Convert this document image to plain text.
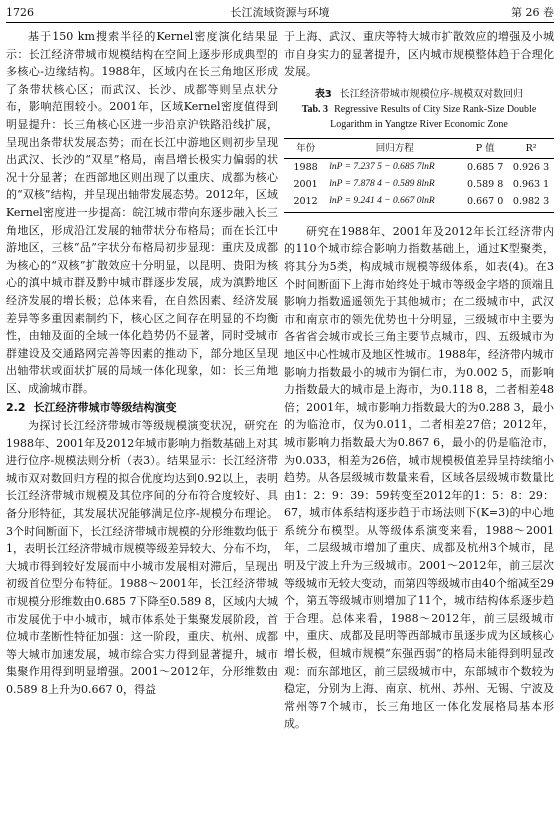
1726	长江流域资源与环境	第 26 卷

基于150 km搜索半径的Kernel密度演化结果显示：长江经济带城市规模结构在空间上逐步形成典型的多核心-边缘结构。1988年，区域内在长三角地区形成了条带状核心区；而武汉、长沙、成都等则呈点状分布，影响范围较小。2001年，区域Kernel密度值得到明显提升：长三角核心区进一步沿京沪铁路沿线扩展，呈现出条带状发展态势；而在长江中游地区则初步呈现出武汉、长沙的“双星”格局，南昌增长极实力偏弱的状况十分显著；在西部地区则出现了以重庆、成都为核心的“双核”结构，并呈现出轴带发展态势。2012年，区域Kernel密度进一步提高：皖江城市带向东逐步融入长三角地区，形成沿江发展的轴带状分布格局；而在长江中游地区，三核“品”字状分布格局初步显现：重庆及成都为核心的“双核”扩散效应十分明显，以昆明、贵阳为核心的滇中城市群及黔中城市群逐步发展，成为滇黔地区经济发展的增长极；总体来看，在自然因素、经济发展差异等多重因素制约下，核心区之间存在明显的不均衡性，由轴及面的全域一体化趋势仍不显著，同时受城市群建设及交通路网完善等因素的推动下，部分地区呈现出轴带状或面状扩展的局域一体化现象，如：长三角地区、成渝城市群。

2.2 长江经济带城市等级结构演变

为探讨长江经济带城市等级规模演变状况，研究在1988年、2001年及2012年城市影响力指数基础上对其进行位序-规模法则分析（表3）。结果显示：长江经济带城市双对数回归方程的拟合优度均达到0.92以上，表明长江经济带城市规模及其位序间的分布符合度较好、具备分形特征，其发展状况能够满足位序-规模分布理论。3个时间断面下，长江经济带城市规模的分形维数均低于1，表明长江经济带城市规模等级差异较大、分布不均，大城市得到较好发展而中小城市发展相对滞后，呈现出初级首位型分布特征。1988～2001年，长江经济带城市规模分形维数由0.685 7下降至0.589 8，区域内大城市发展优于中小城市，城市体系处于集聚发展阶段，首位城市垄断性特征加强：这一阶段，重庆、杭州、成都等大城市加速发展，城市综合实力得到显著提升，城市集聚作用得到明显增强。2001～2012年，分形维数由0.589 8上升为0.667 0，得益

于上海、武汉、重庆等特大城市扩散效应的增强及小城市自身实力的显著提升，区内城市规模整体趋于合理化发展。

表3 长江经济带城市规模位序-规模双对数回归
Tab. 3 Regressive Results of City Size Rank-Size Double Logarithm in Yangtze River Economic Zone
年份	回归方程	P 值	R²
1988	lnP = 7.237 5 − 0.685 7lnR	0.685 7	0.926 3
2001	lnP = 7.878 4 − 0.589 8lnR	0.589 8	0.963 1
2012	lnP = 9.241 4 − 0.667 0lnR	0.667 0	0.982 3

研究在1988年、2001年及2012年长江经济带内的110个城市综合影响力指数基础上，通过K型聚类，将其分为5类，构成城市规模等级体系，如表(4)。在3个时间断面下上海市始终处于城市等级金字塔的顶端且影响力指数遥遥领先于其他城市；在二级城市中，武汉市和南京市的领先优势也十分明显，三级城市中主要为各省省会城市或长三角主要节点城市，四、五级城市为地区中心性城市及地区性城市。1988年，经济带内城市影响力指数最小的城市为铜仁市，为0.002 5，而影响力指数最大的城市是上海市，为0.118 8，二者相差48倍；2001年，城市影响力指数最大的为0.288 3，最小的为临沧市，仅为0.011，二者相差27倍；2012年，城市影响力指数最大为0.867 6，最小的仍是临沧市，为0.033，相差为26倍，城市规模极值差异呈持续缩小趋势。从各层级城市数量来看，区域各层级城市数量比由1：2：9：39：59转变至2012年的1：5：8：29：67，城市体系结构逐步趋于市场法则下(K=3)的中心地系统分布模型。从等级体系演变来看，1988～2001年，二层级城市增加了重庆、成都及杭州3个城市，昆明及宁波上升为三级城市。2001～2012年，前三层次等级城市无较大变动，而第四等级城市由40个缩减至29个，第五等级城市则增加了11个，城市结构体系逐步趋于合理。总体来看，1988～2012年，前三层级城市中，重庆、成都及昆明等西部城市虽逐步成为区域核心增长极，但城市规模“东强西弱”的格局未能得到明显改观：而东部地区，前三层级城市中，东部城市个数较为稳定，分别为上海、南京、杭州、苏州、无锡、宁波及常州等7个城市，长三角地区一体化发展格局基本形成。
